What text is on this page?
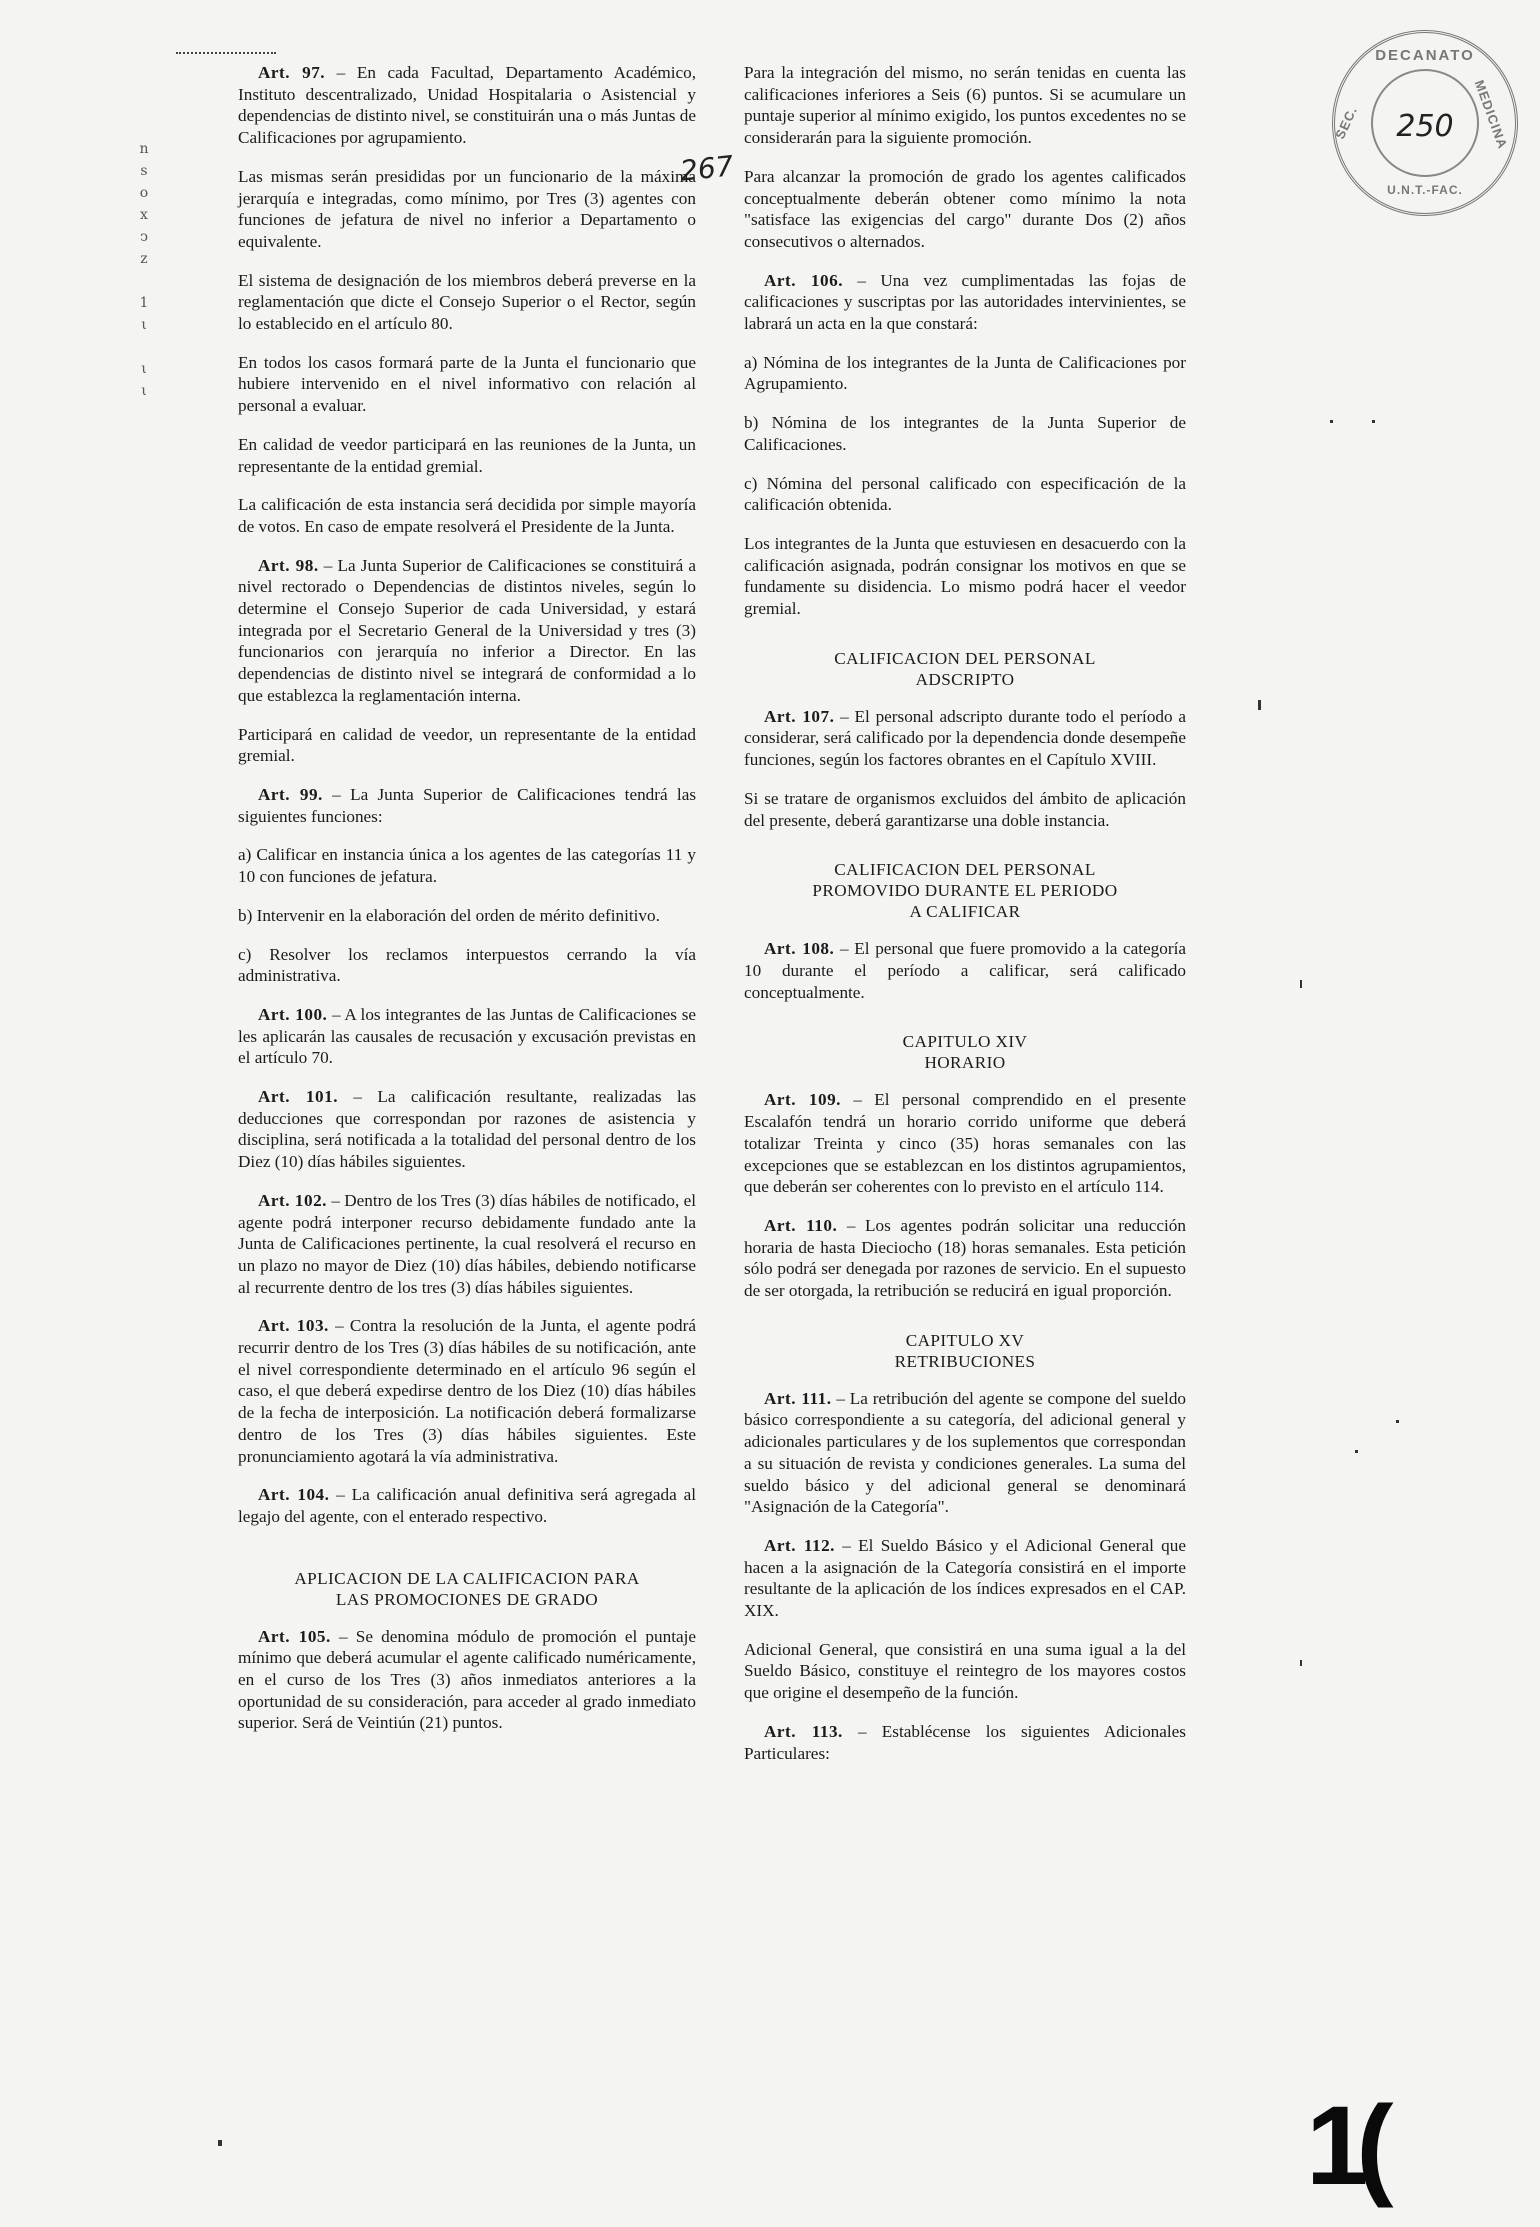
n
s
o
x
ↄ
z

1
ι

ι
ι
DECANATO
SEC.	MEDICINA
250
U.N.T.-FAC.
267

Art. 97. – En cada Facultad, Departamento Académico, Instituto descentralizado, Unidad Hospitalaria o Asistencial y dependencias de distinto nivel, se constituirán una o más Juntas de Calificaciones por agrupamiento.

Las mismas serán presididas por un funcionario de la máxima jerarquía e integradas, como mínimo, por Tres (3) agentes con funciones de jefatura de nivel no inferior a Departamento o equivalente.

El sistema de designación de los miembros deberá preverse en la reglamentación que dicte el Consejo Superior o el Rector, según lo establecido en el artículo 80.

En todos los casos formará parte de la Junta el funcionario que hubiere intervenido en el nivel informativo con relación al personal a evaluar.

En calidad de veedor participará en las reuniones de la Junta, un representante de la entidad gremial.

La calificación de esta instancia será decidida por simple mayoría de votos. En caso de empate resolverá el Presidente de la Junta.

Art. 98. – La Junta Superior de Calificaciones se constituirá a nivel rectorado o Dependencias de distintos niveles, según lo determine el Consejo Superior de cada Universidad, y estará integrada por el Secretario General de la Universidad y tres (3) funcionarios con jerarquía no inferior a Director. En las dependencias de distinto nivel se integrará de conformidad a lo que establezca la reglamentación interna.

Participará en calidad de veedor, un representante de la entidad gremial.

Art. 99. – La Junta Superior de Calificaciones tendrá las siguientes funciones:

a) Calificar en instancia única a los agentes de las categorías 11 y 10 con funciones de jefatura.

b) Intervenir en la elaboración del orden de mérito definitivo.

c) Resolver los reclamos interpuestos cerrando la vía administrativa.

Art. 100. – A los integrantes de las Juntas de Calificaciones se les aplicarán las causales de recusación y excusación previstas en el artículo 70.

Art. 101. – La calificación resultante, realizadas las deducciones que correspondan por razones de asistencia y disciplina, será notificada a la totalidad del personal dentro de los Diez (10) días hábiles siguientes.

Art. 102. – Dentro de los Tres (3) días hábiles de notificado, el agente podrá interponer recurso debidamente fundado ante la Junta de Calificaciones pertinente, la cual resolverá el recurso en un plazo no mayor de Diez (10) días hábiles, debiendo notificarse al recurrente dentro de los tres (3) días hábiles siguientes.

Art. 103. – Contra la resolución de la Junta, el agente podrá recurrir dentro de los Tres (3) días hábiles de su notificación, ante el nivel correspondiente determinado en el artículo 96 según el caso, el que deberá expedirse dentro de los Diez (10) días hábiles de la fecha de interposición. La notificación deberá formalizarse dentro de los Tres (3) días hábiles siguientes. Este pronunciamiento agotará la vía administrativa.

Art. 104. – La calificación anual definitiva será agregada al legajo del agente, con el enterado respectivo.

APLICACION DE LA CALIFICACION PARA
LAS PROMOCIONES DE GRADO

Art. 105. – Se denomina módulo de promoción el puntaje mínimo que deberá acumular el agente calificado numéricamente, en el curso de los Tres (3) años inmediatos anteriores a la oportunidad de su consideración, para acceder al grado inmediato superior. Será de Veintiún (21) puntos.

Para la integración del mismo, no serán tenidas en cuenta las calificaciones inferiores a Seis (6) puntos. Si se acumulare un puntaje superior al mínimo exigido, los puntos excedentes no se considerarán para la siguiente promoción.

Para alcanzar la promoción de grado los agentes calificados conceptualmente deberán obtener como mínimo la nota "satisface las exigencias del cargo" durante Dos (2) años consecutivos o alternados.

Art. 106. – Una vez cumplimentadas las fojas de calificaciones y suscriptas por las autoridades intervinientes, se labrará un acta en la que constará:

a) Nómina de los integrantes de la Junta de Calificaciones por Agrupamiento.

b) Nómina de los integrantes de la Junta Superior de Calificaciones.

c) Nómina del personal calificado con especificación de la calificación obtenida.

Los integrantes de la Junta que estuviesen en desacuerdo con la calificación asignada, podrán consignar los motivos en que se fundamente su disidencia. Lo mismo podrá hacer el veedor gremial.

CALIFICACION DEL PERSONAL
ADSCRIPTO

Art. 107. – El personal adscripto durante todo el período a considerar, será calificado por la dependencia donde desempeñe funciones, según los factores obrantes en el Capítulo XVIII.

Si se tratare de organismos excluidos del ámbito de aplicación del presente, deberá garantizarse una doble instancia.

CALIFICACION DEL PERSONAL
PROMOVIDO DURANTE EL PERIODO
A CALIFICAR

Art. 108. – El personal que fuere promovido a la categoría 10 durante el período a calificar, será calificado conceptualmente.

CAPITULO XIV
HORARIO

Art. 109. – El personal comprendido en el presente Escalafón tendrá un horario corrido uniforme que deberá totalizar Treinta y cinco (35) horas semanales con las excepciones que se establezcan en los distintos agrupamientos, que deberán ser coherentes con lo previsto en el artículo 114.

Art. 110. – Los agentes podrán solicitar una reducción horaria de hasta Dieciocho (18) horas semanales. Esta petición sólo podrá ser denegada por razones de servicio. En el supuesto de ser otorgada, la retribución se reducirá en igual proporción.

CAPITULO XV
RETRIBUCIONES

Art. 111. – La retribución del agente se compone del sueldo básico correspondiente a su categoría, del adicional general y adicionales particulares y de los suplementos que correspondan a su situación de revista y condiciones generales. La suma del sueldo básico y del adicional general se denominará "Asignación de la Categoría".

Art. 112. – El Sueldo Básico y el Adicional General que hacen a la asignación de la Categoría consistirá en el importe resultante de la aplicación de los índices expresados en el CAP. XIX.

Adicional General, que consistirá en una suma igual a la del Sueldo Básico, constituye el reintegro de los mayores costos que origine el desempeño de la función.

Art. 113. – Establécense los siguientes Adicionales Particulares:

1(
